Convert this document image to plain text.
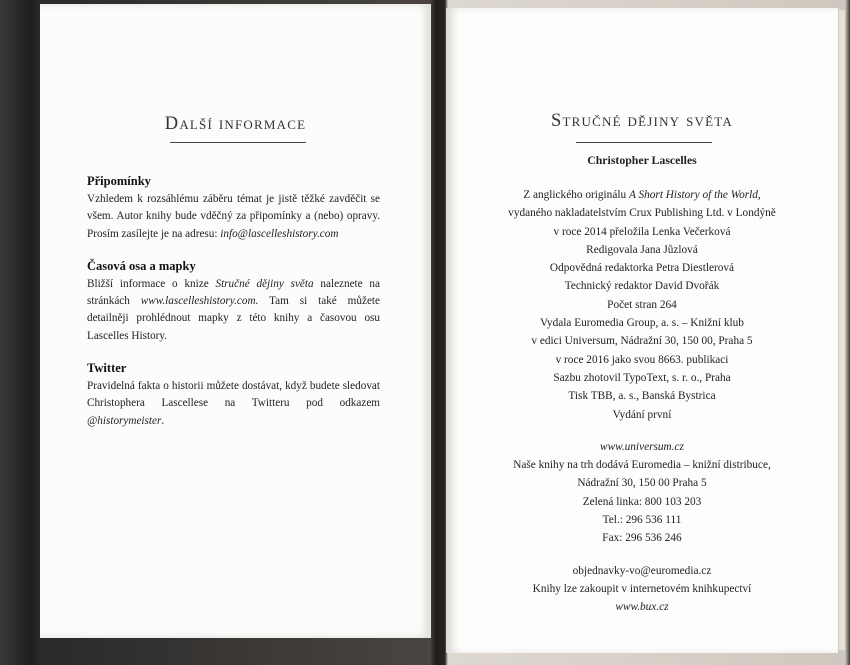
Další informace
Připomínky

Vzhledem k rozsáhlému záběru témat je jistě těžké zavděčit se všem. Autor knihy bude vděčný za připomínky a (nebo) opravy. Prosím zasílejte je na adresu: info@lascelleshistory.com

Časová osa a mapky

Bližší informace o knize Stručné dějiny světa naleznete na stránkách www.lascelleshistory.com. Tam si také můžete detailněji prohlédnout mapky z této knihy a časovou osu Lascelles History.

Twitter

Pravidelná fakta o historii můžete dostávat, když budete sledovat Christophera Lascellese na Twitteru pod odkazem @historymeister.

Stručné dějiny světa
Christopher Lascelles
Z anglického originálu A Short History of the World,
vydaného nakladatelstvím Crux Publishing Ltd. v Londýně
v roce 2014 přeložila Lenka Večerková
Redigovala Jana Jůzlová
Odpovědná redaktorka Petra Diestlerová
Technický redaktor David Dvořák
Počet stran 264
Vydala Euromedia Group, a. s. – Knižní klub
v edici Universum, Nádražní 30, 150 00, Praha 5
v roce 2016 jako svou 8663. publikaci
Sazbu zhotovil TypoText, s. r. o., Praha
Tisk TBB, a. s., Banská Bystrica
Vydání první
www.universum.cz
Naše knihy na trh dodává Euromedia – knižní distribuce,
Nádražní 30, 150 00 Praha 5
Zelená linka: 800 103 203
Tel.: 296 536 111
Fax: 296 536 246
objednavky-vo@euromedia.cz
Knihy lze zakoupit v internetovém knihkupectví
www.bux.cz
